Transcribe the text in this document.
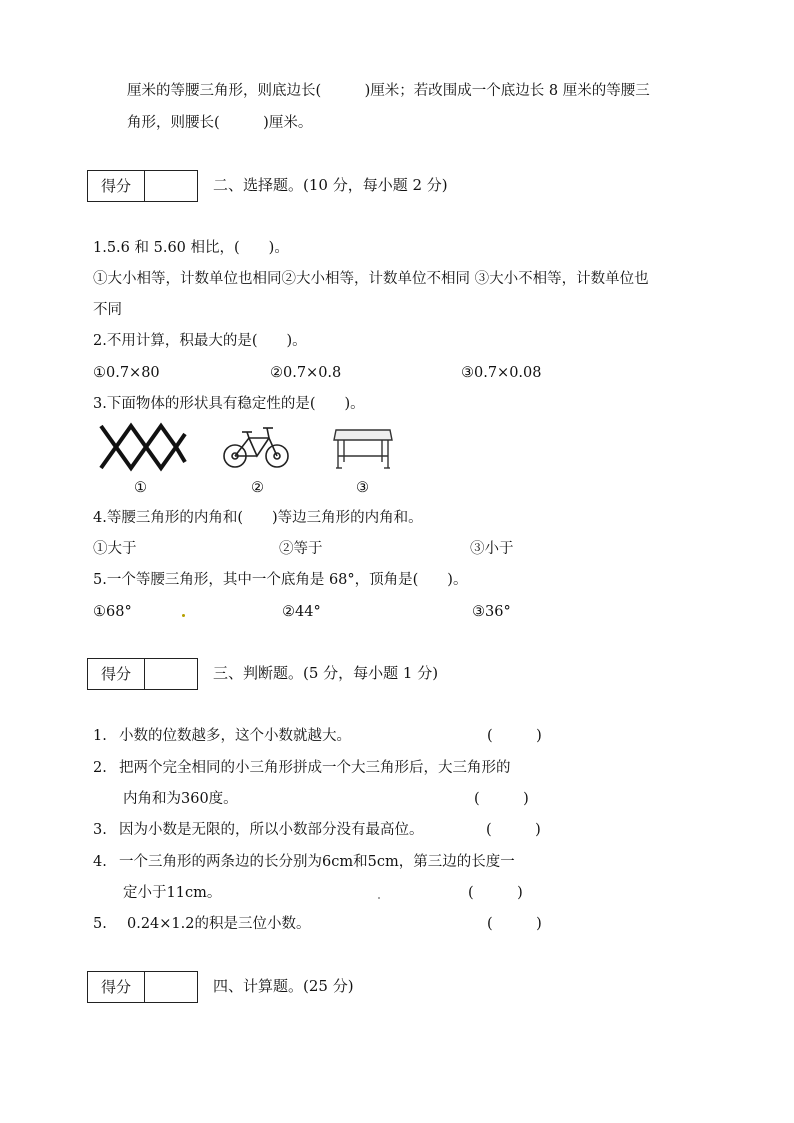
厘米的等腰三角形，则底边长(　　　)厘米；若改围成一个底边长 8 厘米的等腰三
角形，则腰长(　　　)厘米。
得分	二、选择题。(10 分，每小题 2 分)
1.5.6 和 5.60 相比，(　　)。
①大小相等，计数单位也相同②大小相等，计数单位不相同 ③大小不相等，计数单位也
不同
2.不用计算，积最大的是(　　)。
①0.7×80	②0.7×0.8	③0.7×0.08
3.下面物体的形状具有稳定性的是(　　)。
①	②	③
4.等腰三角形的内角和(　　)等边三角形的内角和。
①大于	②等于	③小于
5.一个等腰三角形，其中一个底角是 68°，顶角是(　　)。
①68°	②44°	③36°
得分	三、判断题。(5 分，每小题 1 分)
1. 小数的位数越多，这个小数就越大。	(　　　)
2. 把两个完全相同的小三角形拼成一个大三角形后，大三角形的
内角和为360度。	(　　　)
3. 因为小数是无限的，所以小数部分没有最高位。	(　　　)
4. 一个三角形的两条边的长分别为6cm和5cm，第三边的长度一
定小于11cm。	(　　　)
5. 0.24×1.2的积是三位小数。	(　　　)
得分	四、计算题。(25 分)
